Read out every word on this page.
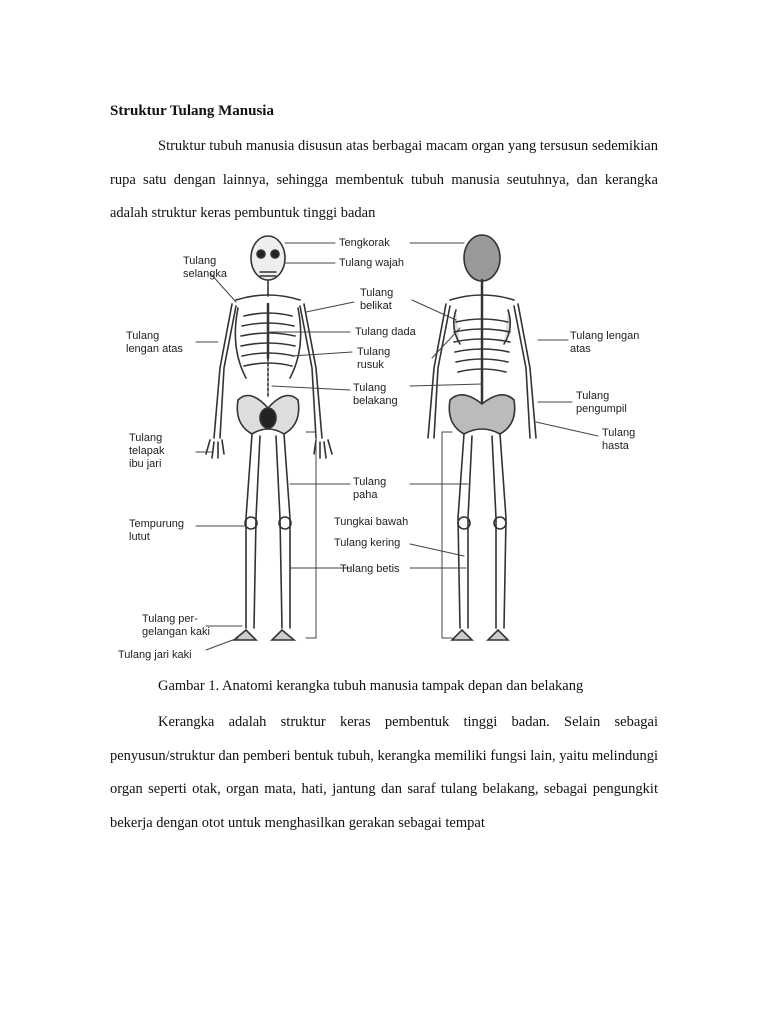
Struktur Tulang Manusia

Struktur tubuh manusia disusun atas berbagai macam organ yang tersusun sedemikian rupa satu dengan lainnya, sehingga membentuk tubuh manusia seutuhnya, dan kerangka adalah struktur keras pembuntuk tinggi badan

Tengkorak
Tulang wajah
Tulang
selangka
Tulang
belikat
Tulang dada
Tulang
rusuk
Tulang
lengan atas
Tulang lengan
atas
Tulang
belakang	Tulang
pengumpil
Tulang
hasta
Tulang
telapak
ibu jari
Tulang
paha
Tempurung
lutut
Tungkai bawah
Tulang kering
Tulang betis
Tulang per-
gelangan kaki
Tulang jari kaki
Gambar 1. Anatomi kerangka tubuh manusia tampak depan dan belakang

Kerangka adalah struktur keras pembentuk tinggi badan. Selain sebagai penyusun/struktur dan pemberi bentuk tubuh, kerangka memiliki fungsi lain, yaitu melindungi organ seperti otak, organ mata, hati, jantung dan saraf tulang belakang, sebagai pengungkit bekerja dengan otot untuk menghasilkan gerakan sebagai tempat
